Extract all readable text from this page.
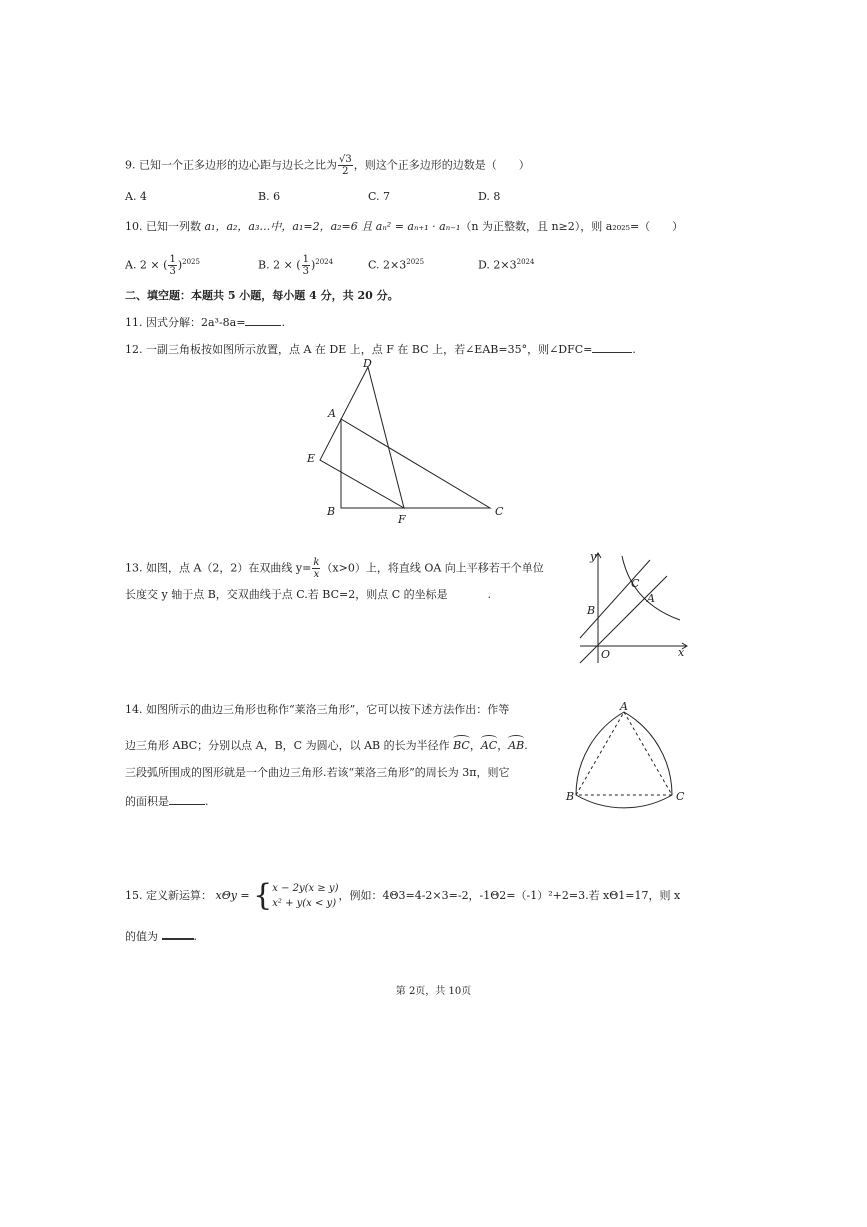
9. 已知一个正多边形的边心距与边长之比为 $\frac{√3}{2}$ ，则这个正多边形的边数是（　　）
A. 4	B. 6	C. 7	D. 8
10. 已知一列数 a₁，a₂，a₃…中，a₁=2，a₂=6 且 aₙ² = aₙ₊₁ · aₙ₋₁（n 为正整数，且 n≥2），则 a₂₀₂₅=（　　）
A. 2 × ( $\frac{1}{3} )^{2025}$	B. 2 × ( $\frac{1}{3} )^{2024}$	C. $2\times 3^{2025}$	D. $2\times 3^{2024}$
二、填空题：本题共 5 小题，每小题 4 分，共 20 分。
11. 因式分解：2a³-8a=	.
12. 一副三角板按如图所示放置，点 A 在 DE 上，点 F 在 BC 上，若∠EAB=35°，则∠DFC=	.
D
A
E
B
F
C
13. 如图，点 A（2，2）在双曲线 $y= \frac{k}{x} (x>0)$上，将直线 OA 向上平移若干个单位
长度交 y 轴于点 B，交双曲线于点 C.若 BC=2，则点 C 的坐标是	.
y
x
O
A
B
C
14. 如图所示的曲边三角形也称作“莱洛三角形”，它可以按下述方法作出：作等
边三角形 ABC；分别以点 A，B，C 为圆心，以 AB 的长为半径作 BC，AC，AB.
三段弧所围成的图形就是一个曲边三角形.若该“莱洛三角形”的周长为 3π，则它
的面积是	.
A
B	C
15. 定义新运算： xΘy = { x − 2y(x ≥ y)
x² + y(x < y)
，例如：4Θ3=4-2×3=-2，-1Θ2=（-1）²+2=3.若 xΘ1=17，则 x
的值为	.
第 2页，共 10页
